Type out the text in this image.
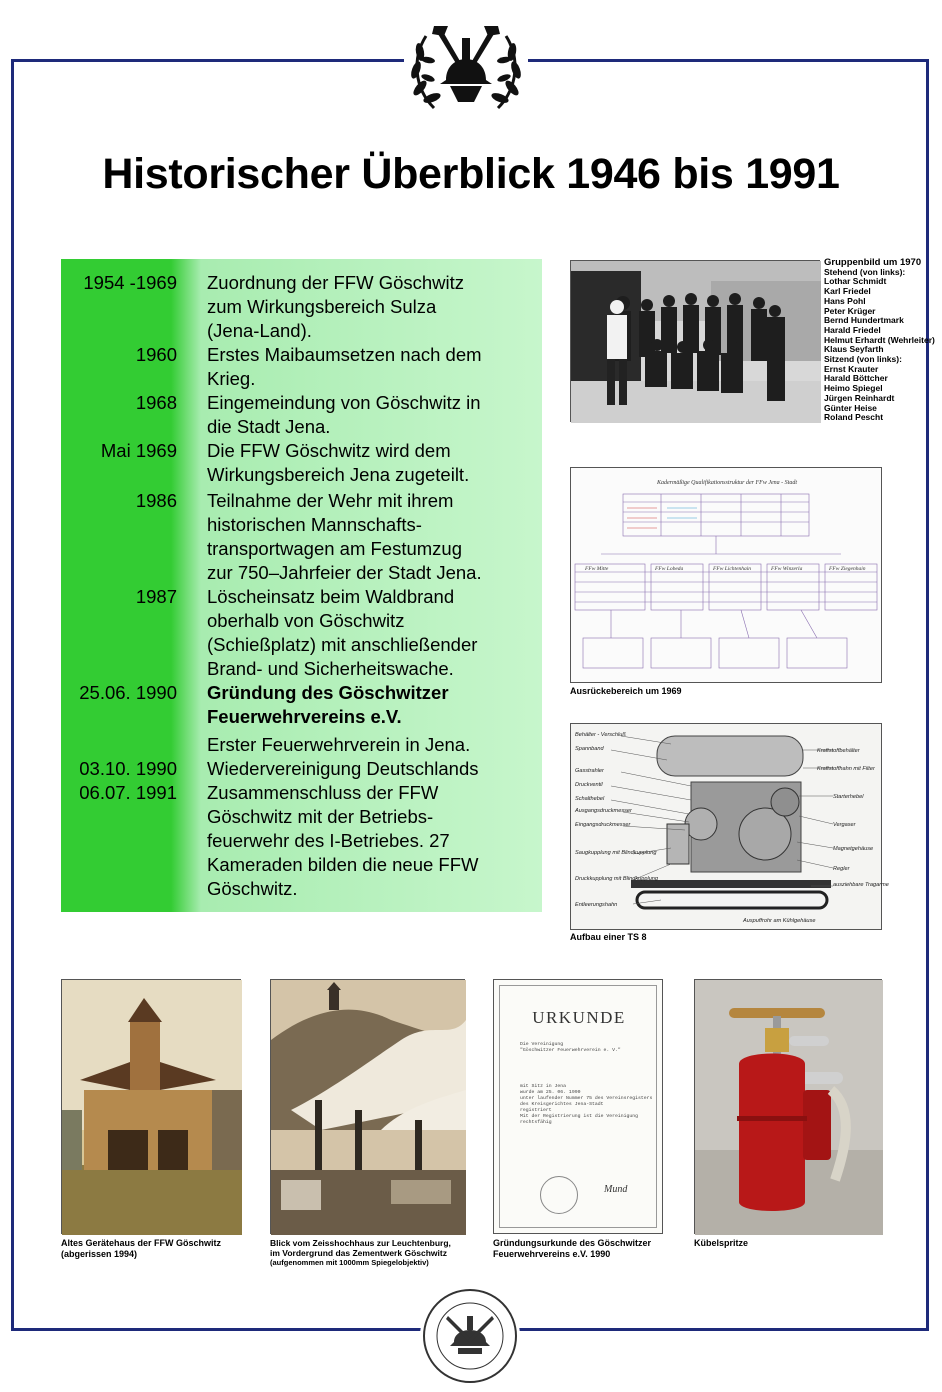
Historischer Überblick 1946 bis 1991
1954 -1969 Zuordnung der FFW Göschwitz
zum Wirkungsbereich Sulza
(Jena-Land).
1960 Erstes Maibaumsetzen nach dem
Krieg.
1968 Eingemeindung von Göschwitz in
die Stadt Jena.
Mai 1969 Die FFW Göschwitz wird dem
Wirkungsbereich Jena zugeteilt.
1986 Teilnahme der Wehr mit ihrem
historischen Mannschafts-
transportwagen am Festumzug
zur 750–Jahrfeier der Stadt Jena.
1987 Löscheinsatz beim Waldbrand
oberhalb von Göschwitz
(Schießplatz) mit anschließender
Brand- und Sicherheitswache.
25.06. 1990 Gründung des Göschwitzer
Feuerwehrvereins e.V.
Erster Feuerwehrverein in Jena.
03.10. 1990 Wiedervereinigung Deutschlands
06.07. 1991 Zusammenschluss der FFW
Göschwitz mit der Betriebs-
feuerwehr des I-Betriebes. 27
Kameraden bilden die neue FFW
Göschwitz.
Gruppenbild um 1970
Stehend (von links):
Lothar Schmidt
Karl Friedel
Hans Pohl
Peter Krüger
Bernd Hundertmark
Harald Friedel
Helmut Erhardt (Wehrleiter)
Klaus Seyfarth
Sitzend (von links):
Ernst Krauter
Harald Böttcher
Heimo Spiegel
Jürgen Reinhardt
Günter Heise
Roland Pescht
Kadermäßige Qualifikationsstruktur der FFw Jena - Stadt
FFw Mitte	FFw Lobeda	FFw Lichtenhain	FFw Winzerla	FFw Ziegenhain
Ausrückebereich um 1969
Behälter - Verschluß
Spannband
Gasstrahler
Druckventil
Schalthebel
Ausgangsdruckmesser
Eingangsdruckmesser
Saugkupplung mit Blindkupplung
Druckkupplung mit Blindkupplung
Entleerungshahn
Kraftstoffbehälter
Kraftstoffhahn mit Filter
Starterhebel
Vergaser
Magnetgehäuse
Regler
ausziehbare Tragarme
Auspuffrohr am Kühlgehäuse
Aufbau einer TS 8
Altes Gerätehaus der FFW Göschwitz
(abgerissen 1994)
Blick vom Zeisshochhaus zur Leuchtenburg,
im Vordergrund das Zementwerk Göschwitz
(aufgenommen mit 1000mm Spiegelobjektiv)
URKUNDE
Die Vereinigung
"Göschwitzer Feuerwehrverein e. V."
mit Sitz in Jena
wurde am 25. 06. 1990
unter laufender Nummer 75 des Vereinsregisters
des Kreisgerichtes Jena-Stadt
registriert
Mit der Registrierung ist die Vereinigung rechtsfähig
Mund
Gründungsurkunde des Göschwitzer
Feuerwehrvereins e.V. 1990
Kübelspritze
